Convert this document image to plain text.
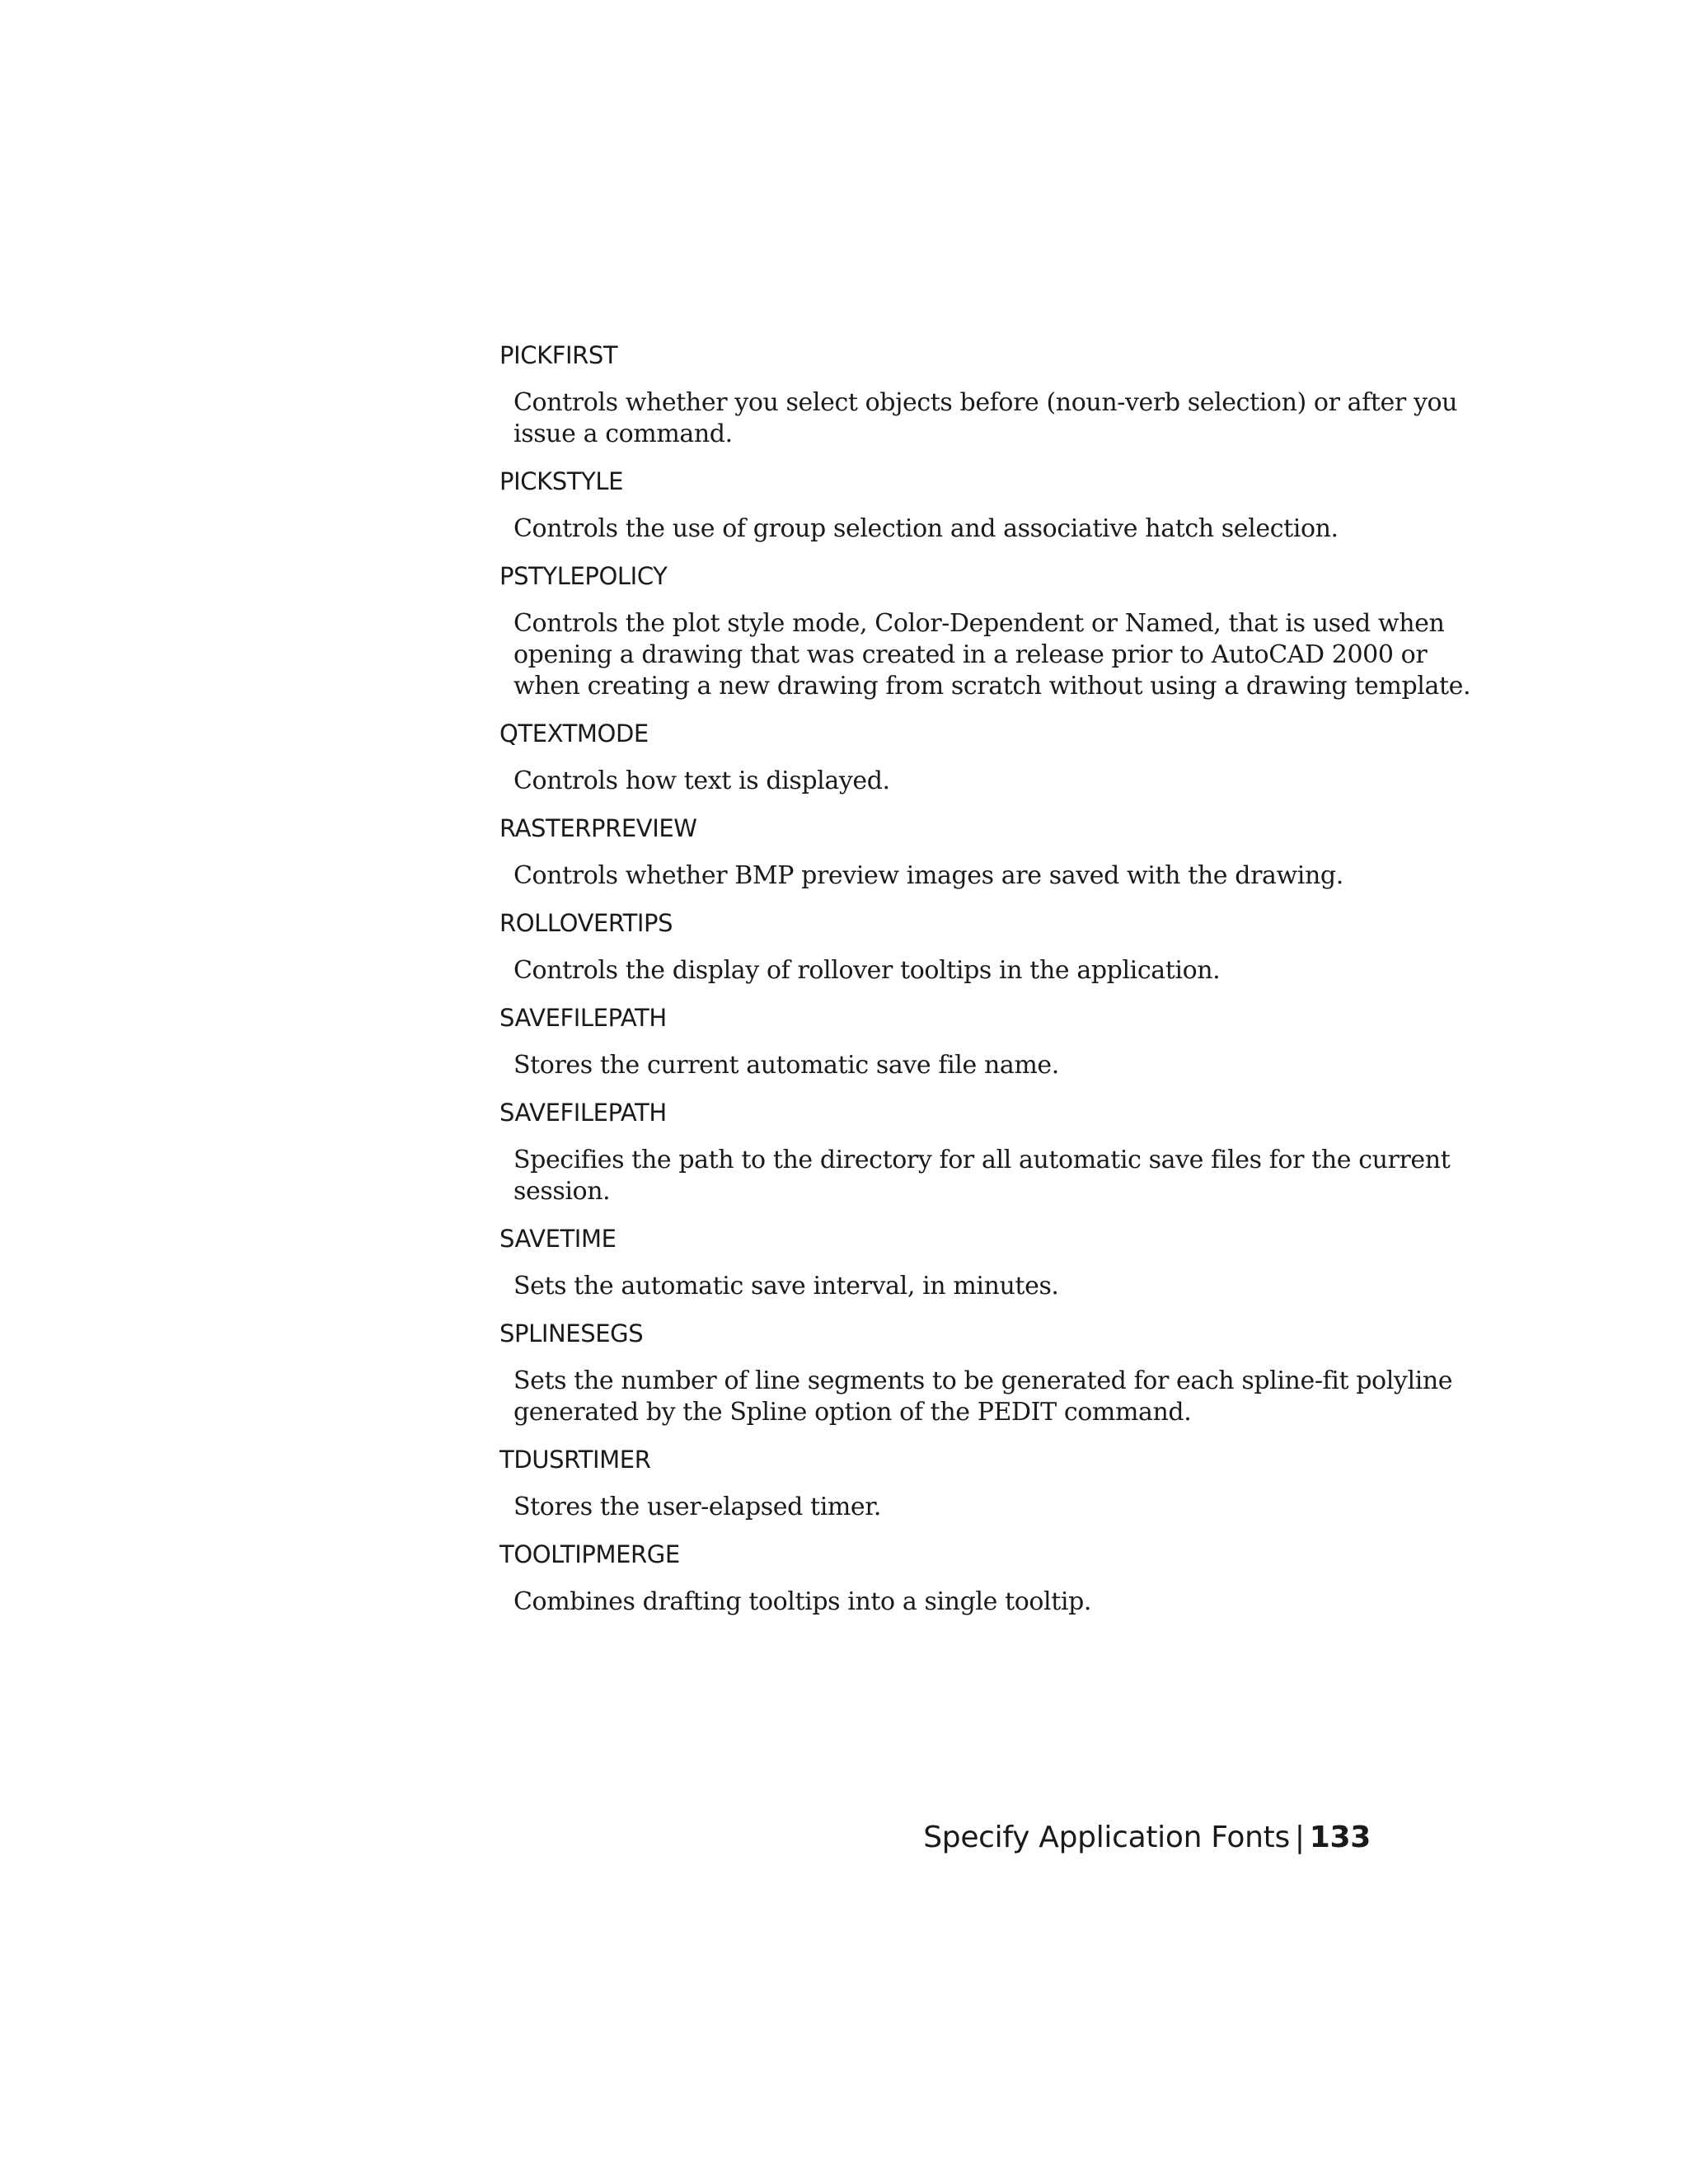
PICKFIRST
Controls whether you select objects before (noun-verb selection) or after you
issue a command.
PICKSTYLE
Controls the use of group selection and associative hatch selection.
PSTYLEPOLICY
Controls the plot style mode, Color-Dependent or Named, that is used when
opening a drawing that was created in a release prior to AutoCAD 2000 or
when creating a new drawing from scratch without using a drawing template.
QTEXTMODE
Controls how text is displayed.
RASTERPREVIEW
Controls whether BMP preview images are saved with the drawing.
ROLLOVERTIPS
Controls the display of rollover tooltips in the application.
SAVEFILEPATH
Stores the current automatic save file name.
SAVEFILEPATH
Specifies the path to the directory for all automatic save files for the current
session.
SAVETIME
Sets the automatic save interval, in minutes.
SPLINESEGS
Sets the number of line segments to be generated for each spline-fit polyline
generated by the Spline option of the PEDIT command.
TDUSRTIMER
Stores the user-elapsed timer.
TOOLTIPMERGE
Combines drafting tooltips into a single tooltip.
Specify Application Fonts | 133
